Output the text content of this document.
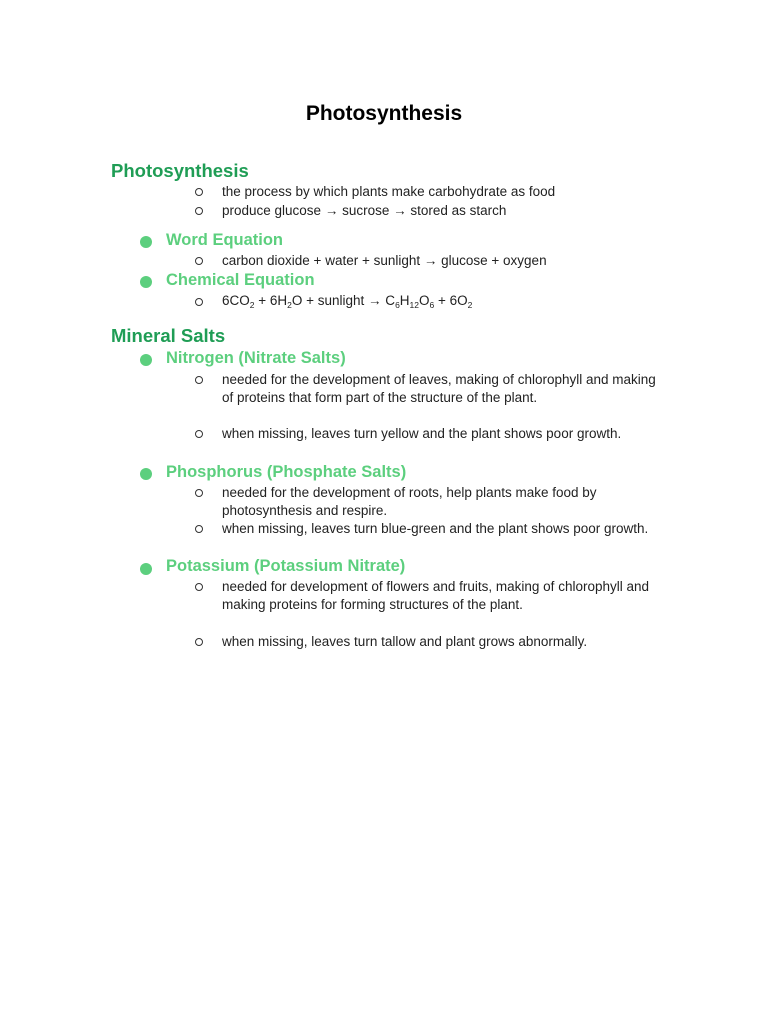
Photosynthesis
Photosynthesis
the process by which plants make carbohydrate as food
produce glucose → sucrose → stored as starch
Word Equation
carbon dioxide + water + sunlight → glucose + oxygen
Chemical Equation
$6CO_2 + 6H_2O$ + sunlight → $C_6H_{12}O_6 + 6O_2$
Mineral Salts
Nitrogen (Nitrate Salts)
needed for the development of leaves, making of chlorophyll and making of proteins that form part of the structure of the plant.
when missing, leaves turn yellow and the plant shows poor growth.
Phosphorus (Phosphate Salts)
needed for the development of roots, help plants make food by photosynthesis and respire.
when missing, leaves turn blue-green and the plant shows poor growth.
Potassium (Potassium Nitrate)
needed for development of flowers and fruits, making of chlorophyll and making proteins for forming structures of the plant.
when missing, leaves turn tallow and plant grows abnormally.
